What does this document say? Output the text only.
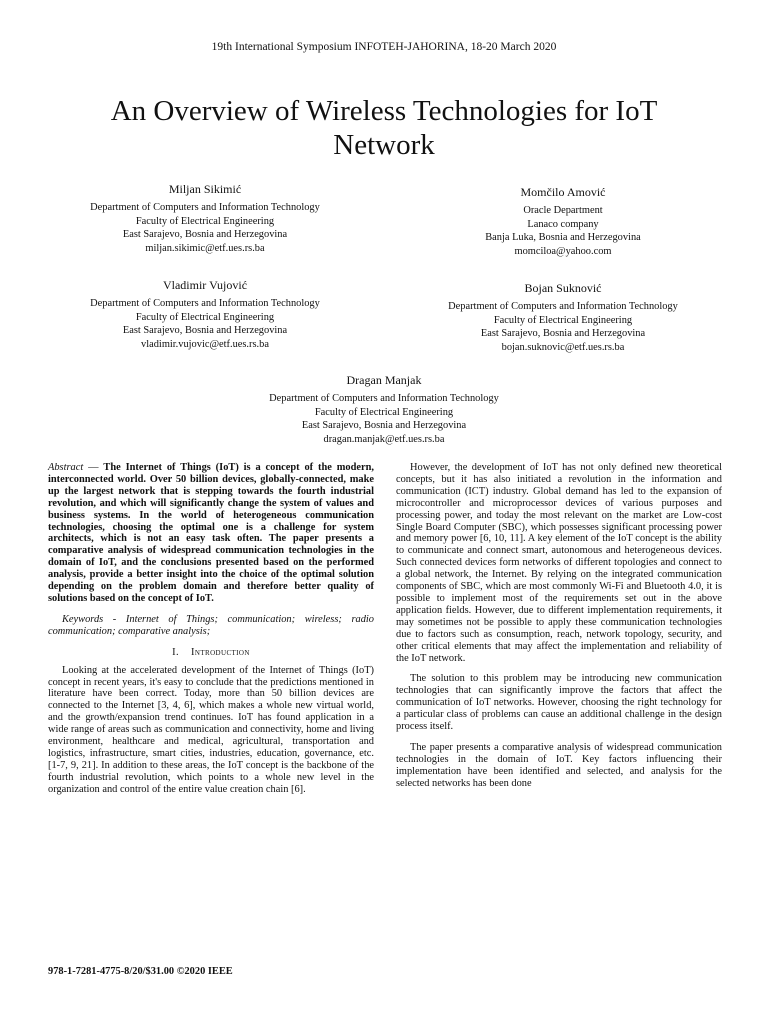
19th International Symposium INFOTEH-JAHORINA, 18-20 March 2020
An Overview of Wireless Technologies for IoT Network
Miljan Sikimić
Department of Computers and Information Technology
Faculty of Electrical Engineering
East Sarajevo, Bosnia and Herzegovina
miljan.sikimic@etf.ues.rs.ba
Momčilo Amović
Oracle Department
Lanaco company
Banja Luka, Bosnia and Herzegovina
momciloa@yahoo.com
Vladimir Vujović
Department of Computers and Information Technology
Faculty of Electrical Engineering
East Sarajevo, Bosnia and Herzegovina
vladimir.vujovic@etf.ues.rs.ba
Bojan Suknović
Department of Computers and Information Technology
Faculty of Electrical Engineering
East Sarajevo, Bosnia and Herzegovina
bojan.suknovic@etf.ues.rs.ba
Dragan Manjak
Department of Computers and Information Technology
Faculty of Electrical Engineering
East Sarajevo, Bosnia and Herzegovina
dragan.manjak@etf.ues.rs.ba

Abstract — The Internet of Things (IoT) is a concept of the modern, interconnected world. Over 50 billion devices, globally-connected, make up the largest network that is stepping towards the fourth industrial revolution, and which will significantly change the system of values and business systems. In the world of heterogeneous communication technologies, choosing the optimal one is a challenge for system architects, which is not an easy task often. The paper presents a comparative analysis of widespread communication technologies in the domain of IoT, and the conclusions presented based on the performed analysis, provide a better insight into the choice of the optimal solution depending on the problem domain and therefore better quality of solutions based on the concept of IoT.

Keywords - Internet of Things; communication; wireless; radio communication; comparative analysis;

I. Introduction

Looking at the accelerated development of the Internet of Things (IoT) concept in recent years, it's easy to conclude that the predictions mentioned in literature have been correct. Today, more than 50 billion devices are connected to the Internet [3, 4, 6], which makes a whole new virtual world, and the growth/expansion trend continues. IoT has found application in a wide range of areas such as communication and connectivity, home and living environment, healthcare and medical, agricultural, transportation and logistics, infrastructure, smart cities, industries, education, governance, etc. [1-7, 9, 21]. In addition to these areas, the IoT concept is the backbone of the fourth industrial revolution, which points to a whole new level in the organization and control of the entire value creation chain [6].

However, the development of IoT has not only defined new theoretical concepts, but it has also initiated a revolution in the information and communication (ICT) industry. Global demand has led to the expansion of microcontroller and microprocessor devices of various purposes and processing power, and today the most relevant on the market are Low-cost Single Board Computer (SBC), which possesses significant processing power and memory power [6, 10, 11]. A key element of the IoT concept is the ability to communicate and connect smart, autonomous and heterogeneous devices. Such connected devices form networks of different topologies and connect to a global network, the Internet. By relying on the integrated communication components of SBC, which are most commonly Wi-Fi and Bluetooth 4.0, it is possible to implement most of the requirements set out in the above application fields. However, due to different implementation requirements, it may sometimes not be possible to apply these communication technologies due to factors such as consumption, reach, network topology, security, and other critical elements that may affect the implementation and reliability of the IoT network.

The solution to this problem may be introducing new communication technologies that can significantly improve the factors that affect the communication of IoT networks. However, choosing the right technology for a particular class of problems can cause an additional challenge in the design process itself.

The paper presents a comparative analysis of widespread communication technologies in the domain of IoT. Key factors influencing their implementation have been identified and selected, and analysis for the selected networks has been done

978-1-7281-4775-8/20/$31.00 ©2020 IEEE
